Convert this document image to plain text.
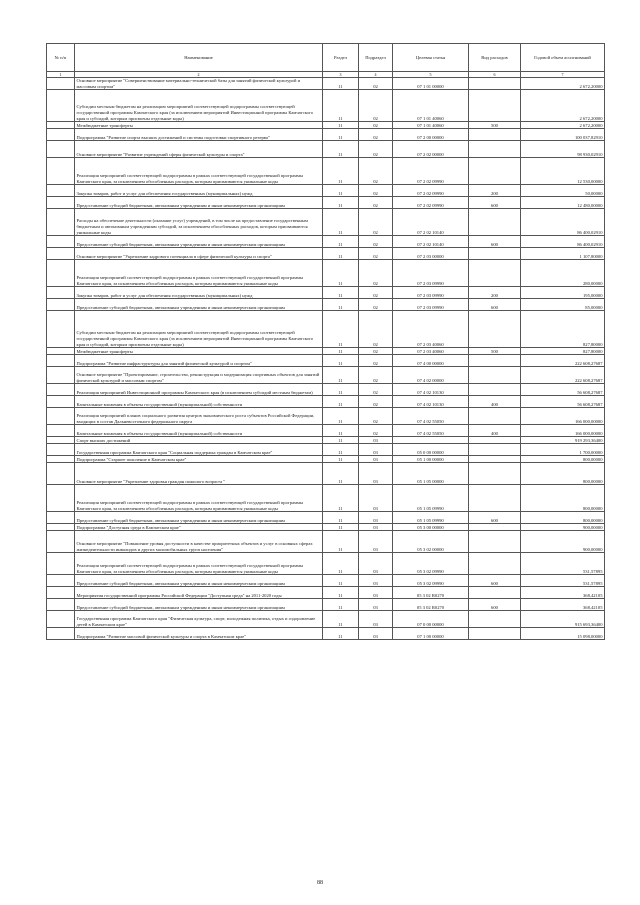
№ п/п	Наименование	Раздел	Подраздел	Целевая статья	Вид расходов	Годовой объем ассигнований
1	2	3	4	5	6	7
	Основное мероприятие "Совершенствование материально-технической базы для занятий физической культурой и массовым спортом"	11	02	07 1 01 00000		2 672,20000
	Субсидии местным бюджетам на реализацию мероприятий соответствующей подпрограммы соответствующей государственной программы Камчатского края (за исключением мероприятий Инвестиционной программы Камчатского края и субсидий, которым присвоены отдельные коды)	11	02	07 1 01 40060		2 672,20000
	Межбюджетные трансферты	11	02	07 1 01 40060	500	2 672,20000
	Подпрограмма "Развитие спорта высших достижений и системы подготовки спортивного резерва"	11	02	07 2 00 00000		100 037,82910
	Основное мероприятие "Развитие учреждений сферы физической культуры и спорта"	11	02	07 2 02 00000		98 930,02910
	Реализация мероприятий соответствующей подпрограммы в рамках соответствующей государственной программы Камчатского края, за исключением обособленных расходов, которым присваиваются уникальные коды	11	02	07 2 02 09990		12 530,00000
	Закупка товаров, работ и услуг для обеспечения государственных (муниципальных) нужд	11	02	07 2 02 09990	200	50,00000
	Предоставление субсидий бюджетным, автономным учреждениям и иным некоммерческим организациям	11	02	07 2 02 09990	600	12 480,00000
	Расходы на обеспечение деятельности (оказание услуг) учреждений, в том числе на предоставление государственным бюджетным и автономным учреждениям субсидий, за исключением обособленных расходов, которым присваиваются уникальные коды	11	02	07 2 02 10140		86 400,02910
	Предоставление субсидий бюджетным, автономным учреждениям и иным некоммерческим организациям	11	02	07 2 02 10140	600	86 400,02910
	Основное мероприятие "Укрепление кадрового потенциала в сфере физической культуры и спорта"	11	02	07 2 03 00000		1 107,80000
	Реализация мероприятий соответствующей подпрограммы в рамках соответствующей государственной программы Камчатского края, за исключением обособленных расходов, которым присваиваются уникальные коды	11	02	07 2 03 09990		280,00000
	Закупка товаров, работ и услуг для обеспечения государственных (муниципальных) нужд	11	02	07 2 03 09990	200	195,00000
	Предоставление субсидий бюджетным, автономным учреждениям и иным некоммерческим организациям	11	02	07 2 03 09990	600	85,00000
	Субсидии местным бюджетам на реализацию мероприятий соответствующей подпрограммы соответствующей государственной программы Камчатского края (за исключением мероприятий Инвестиционной программы Камчатского края и субсидий, которым присвоены отдельные коды)	11	02	07 2 03 40060		827,80000
	Межбюджетные трансферты	11	02	07 2 03 40060	500	827,80000
	Подпрограмма "Развитие инфраструктуры для занятий физической культурой и спортом"	11	02	07 4 00 00000		222 608,27687
	Основное мероприятие "Проектирование, строительство, реконструкция и модернизация спортивных объектов для занятий физической культурой и массовым спортом"	11	02	07 4 02 00000		222 608,27687
	Реализация мероприятий Инвестиционной программы Камчатского края (в исключением субсидий местным бюджетам)	11	02	07 4 02 10130		56 608,27687
	Капитальные вложения в объекты государственной (муниципальной) собственности	11	02	07 4 02 10130	400	56 608,27687
	Реализация мероприятий планов социального развития центров экономического роста субъектов Российской Федерации, входящих в состав Дальневосточного федерального округа	11	02	07 4 02 55050		166 000,00000
	Капитальные вложения в объекты государственной (муниципальной) собственности	11	02	07 4 02 55050	400	166 000,00000
	Спорт высших достижений	11	03			919 293,36400
	Государственная программа Камчатского края "Социальная поддержка граждан в Камчатском крае"	11	03	05 0 00 00000		1 700,00000
	Подпрограмма "Старшее поколение в Камчатском крае"	11	03	05 1 00 00000		800,00000
	Основное мероприятие "Укрепление здоровья граждан пожилого возраста "	11	03	05 1 05 00000		800,00000
	Реализация мероприятий соответствующей подпрограммы в рамках соответствующей государственной программы Камчатского края, за исключением обособленных расходов, которым присваиваются уникальные коды	11	03	05 1 05 09990		800,00000
	Предоставление субсидий бюджетным, автономным учреждениям и иным некоммерческим организациям	11	03	05 1 05 09990	600	800,00000
	Подпрограмма "Доступная среда в Камчатском крае"	11	03	05 3 00 00000		900,00000
	Основное мероприятие "Повышение уровня доступности в качестве приоритетных объектов и услуг в основных сферах жизнедеятельности инвалидов и других маломобильных групп населения"	11	03	05 3 02 00000		900,00000
	Реализация мероприятий соответствующей подпрограммы в рамках соответствующей государственной программы Камчатского края, за исключением обособленных расходов, которым присваиваются уникальные коды	11	03	05 3 02 09990		531,57895
	Предоставление субсидий бюджетным, автономным учреждениям и иным некоммерческим организациям	11	03	05 3 02 09990	600	531,57895
	Мероприятия государственной программы Российской Федерации "Доступная среда" на 2011-2020 годы	11	03	05 3 02 R0270		368,42105
	Предоставление субсидий бюджетным, автономным учреждениям и иным некоммерческим организациям	11	03	05 3 02 R0270	600	368,42105
	Государственная программа Камчатского края "Физическая культура, спорт, молодежная политика, отдых и оздоровление детей в Камчатском крае"	11	03	07 0 00 00000		915 693,36400
	Подпрограмма "Развитие массовой физической культуры и спорта в Камчатском крае"	11	03	07 1 00 00000		15 098,00000
88
